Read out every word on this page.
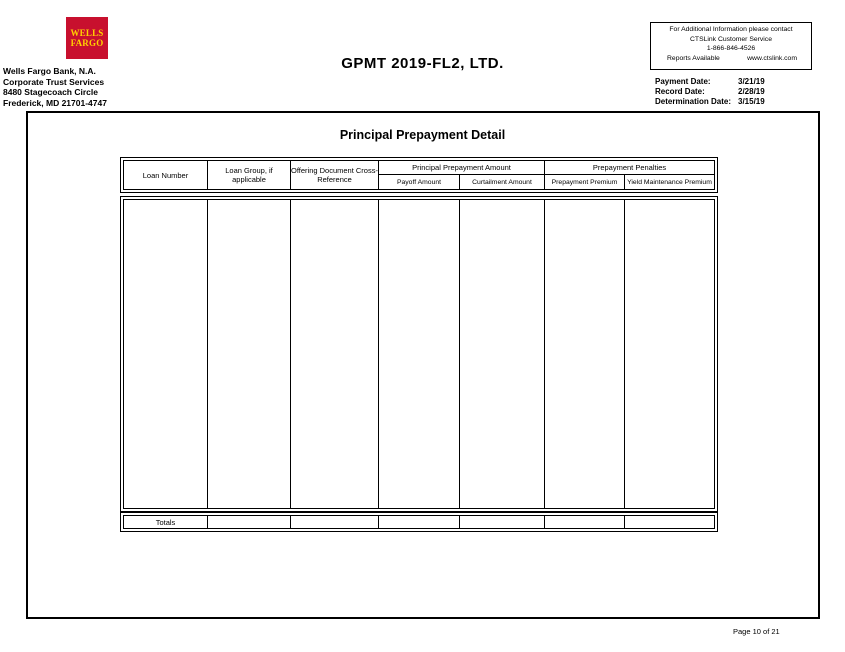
WELLS
FARGO
Wells Fargo Bank, N.A.
Corporate Trust Services
8480 Stagecoach Circle
Frederick, MD 21701-4747
GPMT 2019-FL2, LTD.
For Additional Information please contact
CTSLink Customer Service
1-866-846-4526
Reports Available	www.ctslink.com
Payment Date:	3/21/19
Record Date:	2/28/19
Determination Date: 3/15/19
Principal Prepayment Detail
Loan Number	Loan Group, if applicable	Offering Document Cross-Reference	Principal Prepayment Amount		Prepayment Penalties	
			Payoff Amount	Curtailment Amount	Prepayment Premium	Yield Maintenance Premium

Totals						
Page 10 of 21
